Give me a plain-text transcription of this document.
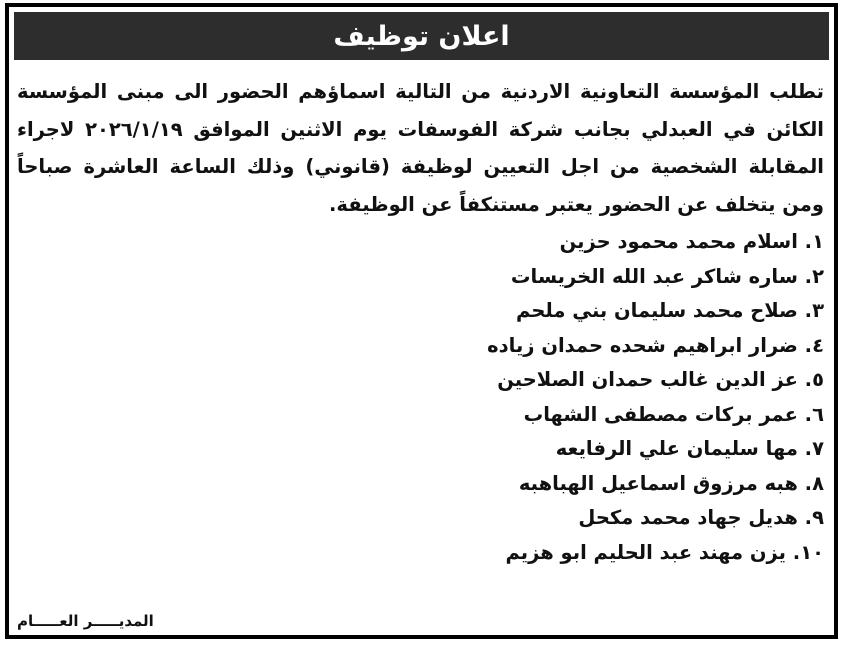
اعلان توظيف
تطلب المؤسسة التعاونية الاردنية من التالية اسماؤهم الحضور الى مبنى المؤسسة الكائن في العبدلي بجانب شركة الفوسفات يوم الاثنين الموافق ٢٠٢٦/١/١٩ لاجراء المقابلة الشخصية من اجل التعيين لوظيفة (قانوني) وذلك الساعة العاشرة صباحاً ومن يتخلف عن الحضور يعتبر مستنكفاً عن الوظيفة.
١. اسلام محمد محمود حزين
٢. ساره شاكر عبد الله الخريسات
٣. صلاح محمد سليمان بني ملحم
٤. ضرار ابراهيم شحده حمدان زياده
٥. عز الدين غالب حمدان الصلاحين
٦. عمر بركات مصطفى الشهاب
٧. مها سليمان علي الرفايعه
٨. هبه مرزوق اسماعيل الهباهبه
٩. هديل جهاد محمد مكحل
١٠. يزن مهند عبد الحليم ابو هزيم
المديـــــر العـــــام
